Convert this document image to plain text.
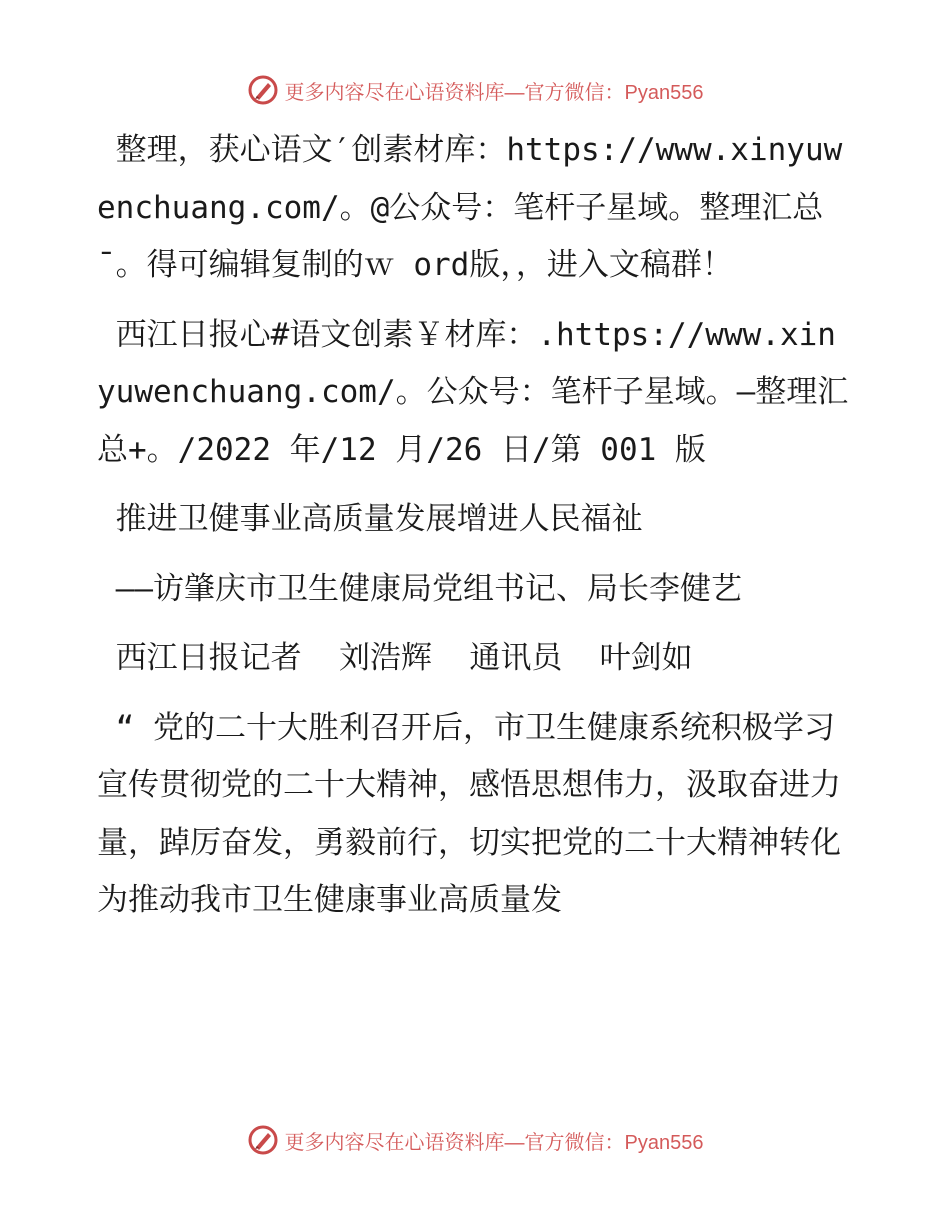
更多内容尽在心语资料库—官方微信：Pyan556

整理，获心语文′创素材库：https://www.xinyuwenchuang.com/。@公众号：笔杆子星域。整理汇总¯。得可编辑复制的ｗ ord版，，进入文稿群！

西江日报心#语文创素￥材库：.https://www.xinyuwenchuang.com/。公众号：笔杆子星域。—整理汇总+。/2022 年/12 月/26 日/第 001 版

推进卫健事业高质量发展增进人民福祉

——访肇庆市卫生健康局党组书记、局长李健艺

西江日报记者  刘浩辉  通讯员  叶剑如

“ 党的二十大胜利召开后，市卫生健康系统积极学习宣传贯彻党的二十大精神，感悟思想伟力，汲取奋进力量，踔厉奋发，勇毅前行，切实把党的二十大精神转化为推动我市卫生健康事业高质量发

更多内容尽在心语资料库—官方微信：Pyan556
